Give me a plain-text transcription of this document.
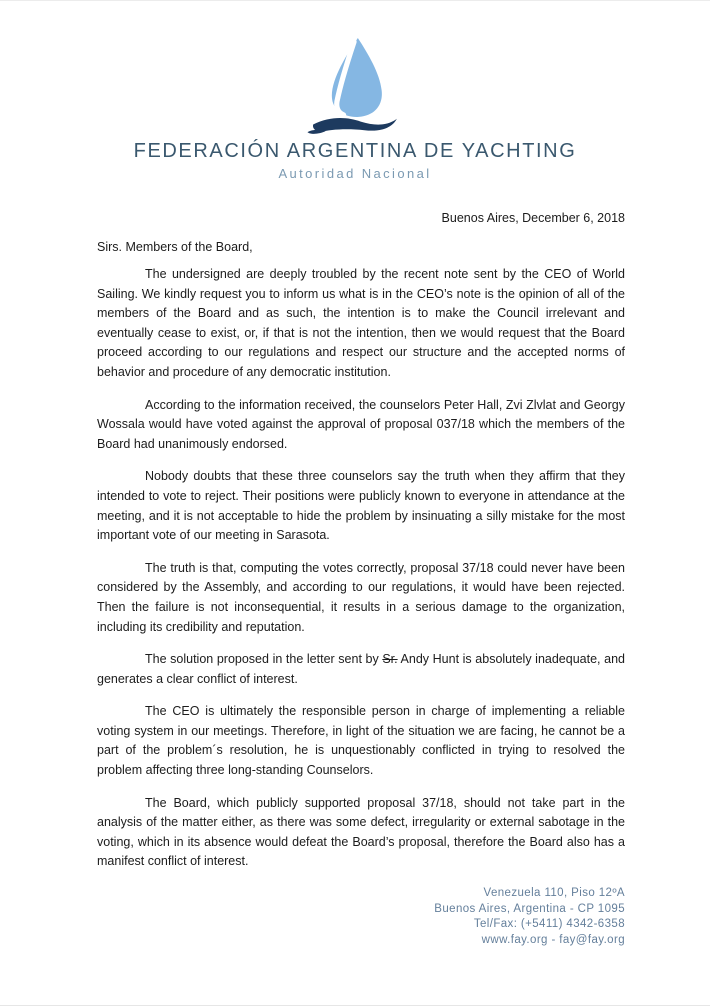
FEDERACIÓN ARGENTINA DE YACHTING
Autoridad Nacional
Buenos Aires, December 6, 2018
Sirs. Members of the Board,

The undersigned are deeply troubled by the recent note sent by the CEO of World Sailing. We kindly request you to inform us what is in the CEO’s note is the opinion of all of the members of the Board and as such, the intention is to make the Council irrelevant and eventually cease to exist, or, if that is not the intention, then we would request that the Board proceed according to our regulations and respect our structure and the accepted norms of behavior and procedure of any democratic institution.

According to the information received, the counselors Peter Hall, Zvi Zlvlat and Georgy Wossala would have voted against the approval of proposal 037/18 which the members of the Board had unanimously endorsed.

Nobody doubts that these three counselors say the truth when they affirm that they intended to vote to reject. Their positions were publicly known to everyone in attendance at the meeting, and it is not acceptable to hide the problem by insinuating a silly mistake for the most important vote of our meeting in Sarasota.

The truth is that, computing the votes correctly, proposal 37/18 could never have been considered by the Assembly, and according to our regulations, it would have been rejected. Then the failure is not inconsequential, it results in a serious damage to the organization, including its credibility and reputation.

The solution proposed in the letter sent by Sr. Andy Hunt is absolutely inadequate, and generates a clear conflict of interest.

The CEO is ultimately the responsible person in charge of implementing a reliable voting system in our meetings. Therefore, in light of the situation we are facing, he cannot be a part of the problem´s resolution, he is unquestionably conflicted in trying to resolved the problem affecting three long-standing Counselors.

The Board, which publicly supported proposal 37/18, should not take part in the analysis of the matter either, as there was some defect, irregularity or external sabotage in the voting, which in its absence would defeat the Board’s proposal, therefore the Board also has a manifest conflict of interest.

Venezuela 110, Piso 12ºA
Buenos Aires, Argentina - CP 1095
Tel/Fax: (+5411) 4342-6358
www.fay.org - fay@fay.org
